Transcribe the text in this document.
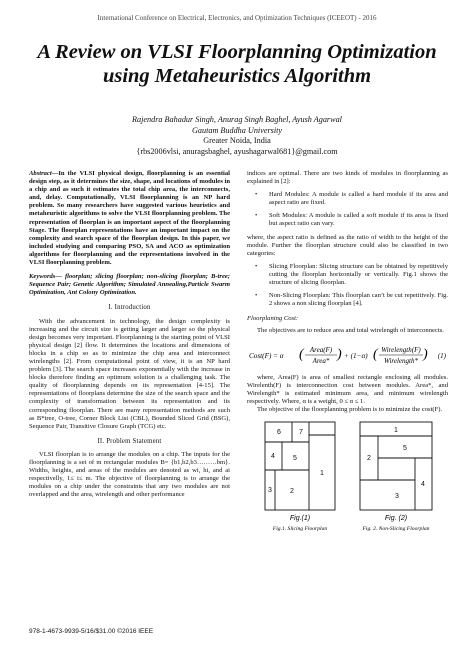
International Conference on Electrical, Electronics, and Optimization Techniques (ICEEOT) - 2016
A Review on VLSI Floorplanning Optimization
using Metaheuristics Algorithm
Rajendra Bahadur Singh, Anurag Singh Baghel, Ayush Agarwal
Gautam Buddha University
Greater Noida, India
{rbs2006vlsi, anuragsbaghel, ayushagarwal681}@gmail.com

Abstract—In the VLSI physical design, floorplanning is an essential design step, as it determines the size, shape, and locations of modules in a chip and as such it estimates the total chip area, the interconnects, and, delay. Computationally, VLSI floorplanning is an NP hard problem. So many researchers have suggested various heuristics and metaheuristic algorithms to solve the VLSI floorplanning problem. The representation of floorplan is an important aspect of the floorplanning Stage. The floorplan representations have an important impact on the complexity and search space of the floorplan design. In this paper, we included studying and comparing PSO, SA and ACO as optimization algorithms for floorplanning and the representations involved in the VLSI floorplanning problem.

Keywords— floorplan; slicing floorplan; non-slicing floorplan; B-tree; Sequence Pair; Genetic Algorithm; Simulated Annealing,Particle Swarm Optimization, Ant Colony Optimization.

I. Introduction

With the advancement in technology, the design complexity is increasing and the circuit size is getting larger and larger so the physical design becomes very important. Floorplanning is the starting point of VLSI physical design [2] flow. It determines the locations and dimensions of blocks in a chip so as to minimize the chip area and interconnect wirelengths [2]. From computational point of view, it is an NP hard problem [3]. The search space increases exponentially with the increase in blocks therefore finding an optimum solution is a challenging task. The quality of floorplanning depends on its representation [4-15]. The representations of floorplans determine the size of the search space and the complexity of transformation between its representation and its corresponding floorplan. There are many representation methods are such as B*tree, O-tree, Corner Block List (CBL), Bounded Sliced Grid (BSG), Sequence Pair, Transitive Closure Graph (TCG) etc.

II. Problem Statement

VLSI floorplan is to arrange the modules on a chip. The inputs for the floorplanning is a set of m rectangular modules B= {b1,b2,b3………bm}. Widths, heights, and areas of the modules are denoted as wi, hi, and ai respectivelly, 1≤ i≤ m. The objective of floorplanning is to arrange the modules on a chip under the constraints that any two modules are not overlapped and the area, wirelength and other performance

indices are optimal. There are two kinds of modules in floorplanning as explained in [2]:

• Hard Modules: A module is called a hard module if its area and aspect ratio are fixed.

• Soft Modules: A module is called a soft module if its area is fixed but aspect ratio can vary.

where, the aspect ratio is defined as the ratio of width to the height of the module. Further the floorplan structure could also be classified in two categories:

• Slicing Floorplan: Slicing structure can be obtained by repetitively cutting the floorplan horizontally or vertically. Fig.1 shows the structure of slicing floorplan.

• Non-Slicing Floorplan: This floorplan can’t be cut repetitively. Fig. 2 shows a non slicing floorplan [4].

Floorplaning Cost:

The objectives are to reduce area and total wirelength of interconnects.

Cost(F) = α ( Area(F)
Area* ) + (1−α) ( Wirelength(F)
Wirelength* ) (1)

where, Area(F) is area of smallest rectangle enclosing all modules. Wirelenth(F) is interconnection cost between modules. Area*, and Wirelength* is estimated minimum area, and minimum wirelength respectively. Where, α is a weight, 0 ≤ α ≤ 1.

The objective of the floorplanning problem is to minimize the cost(F).

6	7
5
4
1
3	2
Fig.(1)
1
2
5
3
4
Fig. (2)
Fig.1. Slicing Floorplan	Fig. 2. Non-Slicing Floorplan
978-1-4673-9939-5/16/$31.00 ©2016 IEEE
